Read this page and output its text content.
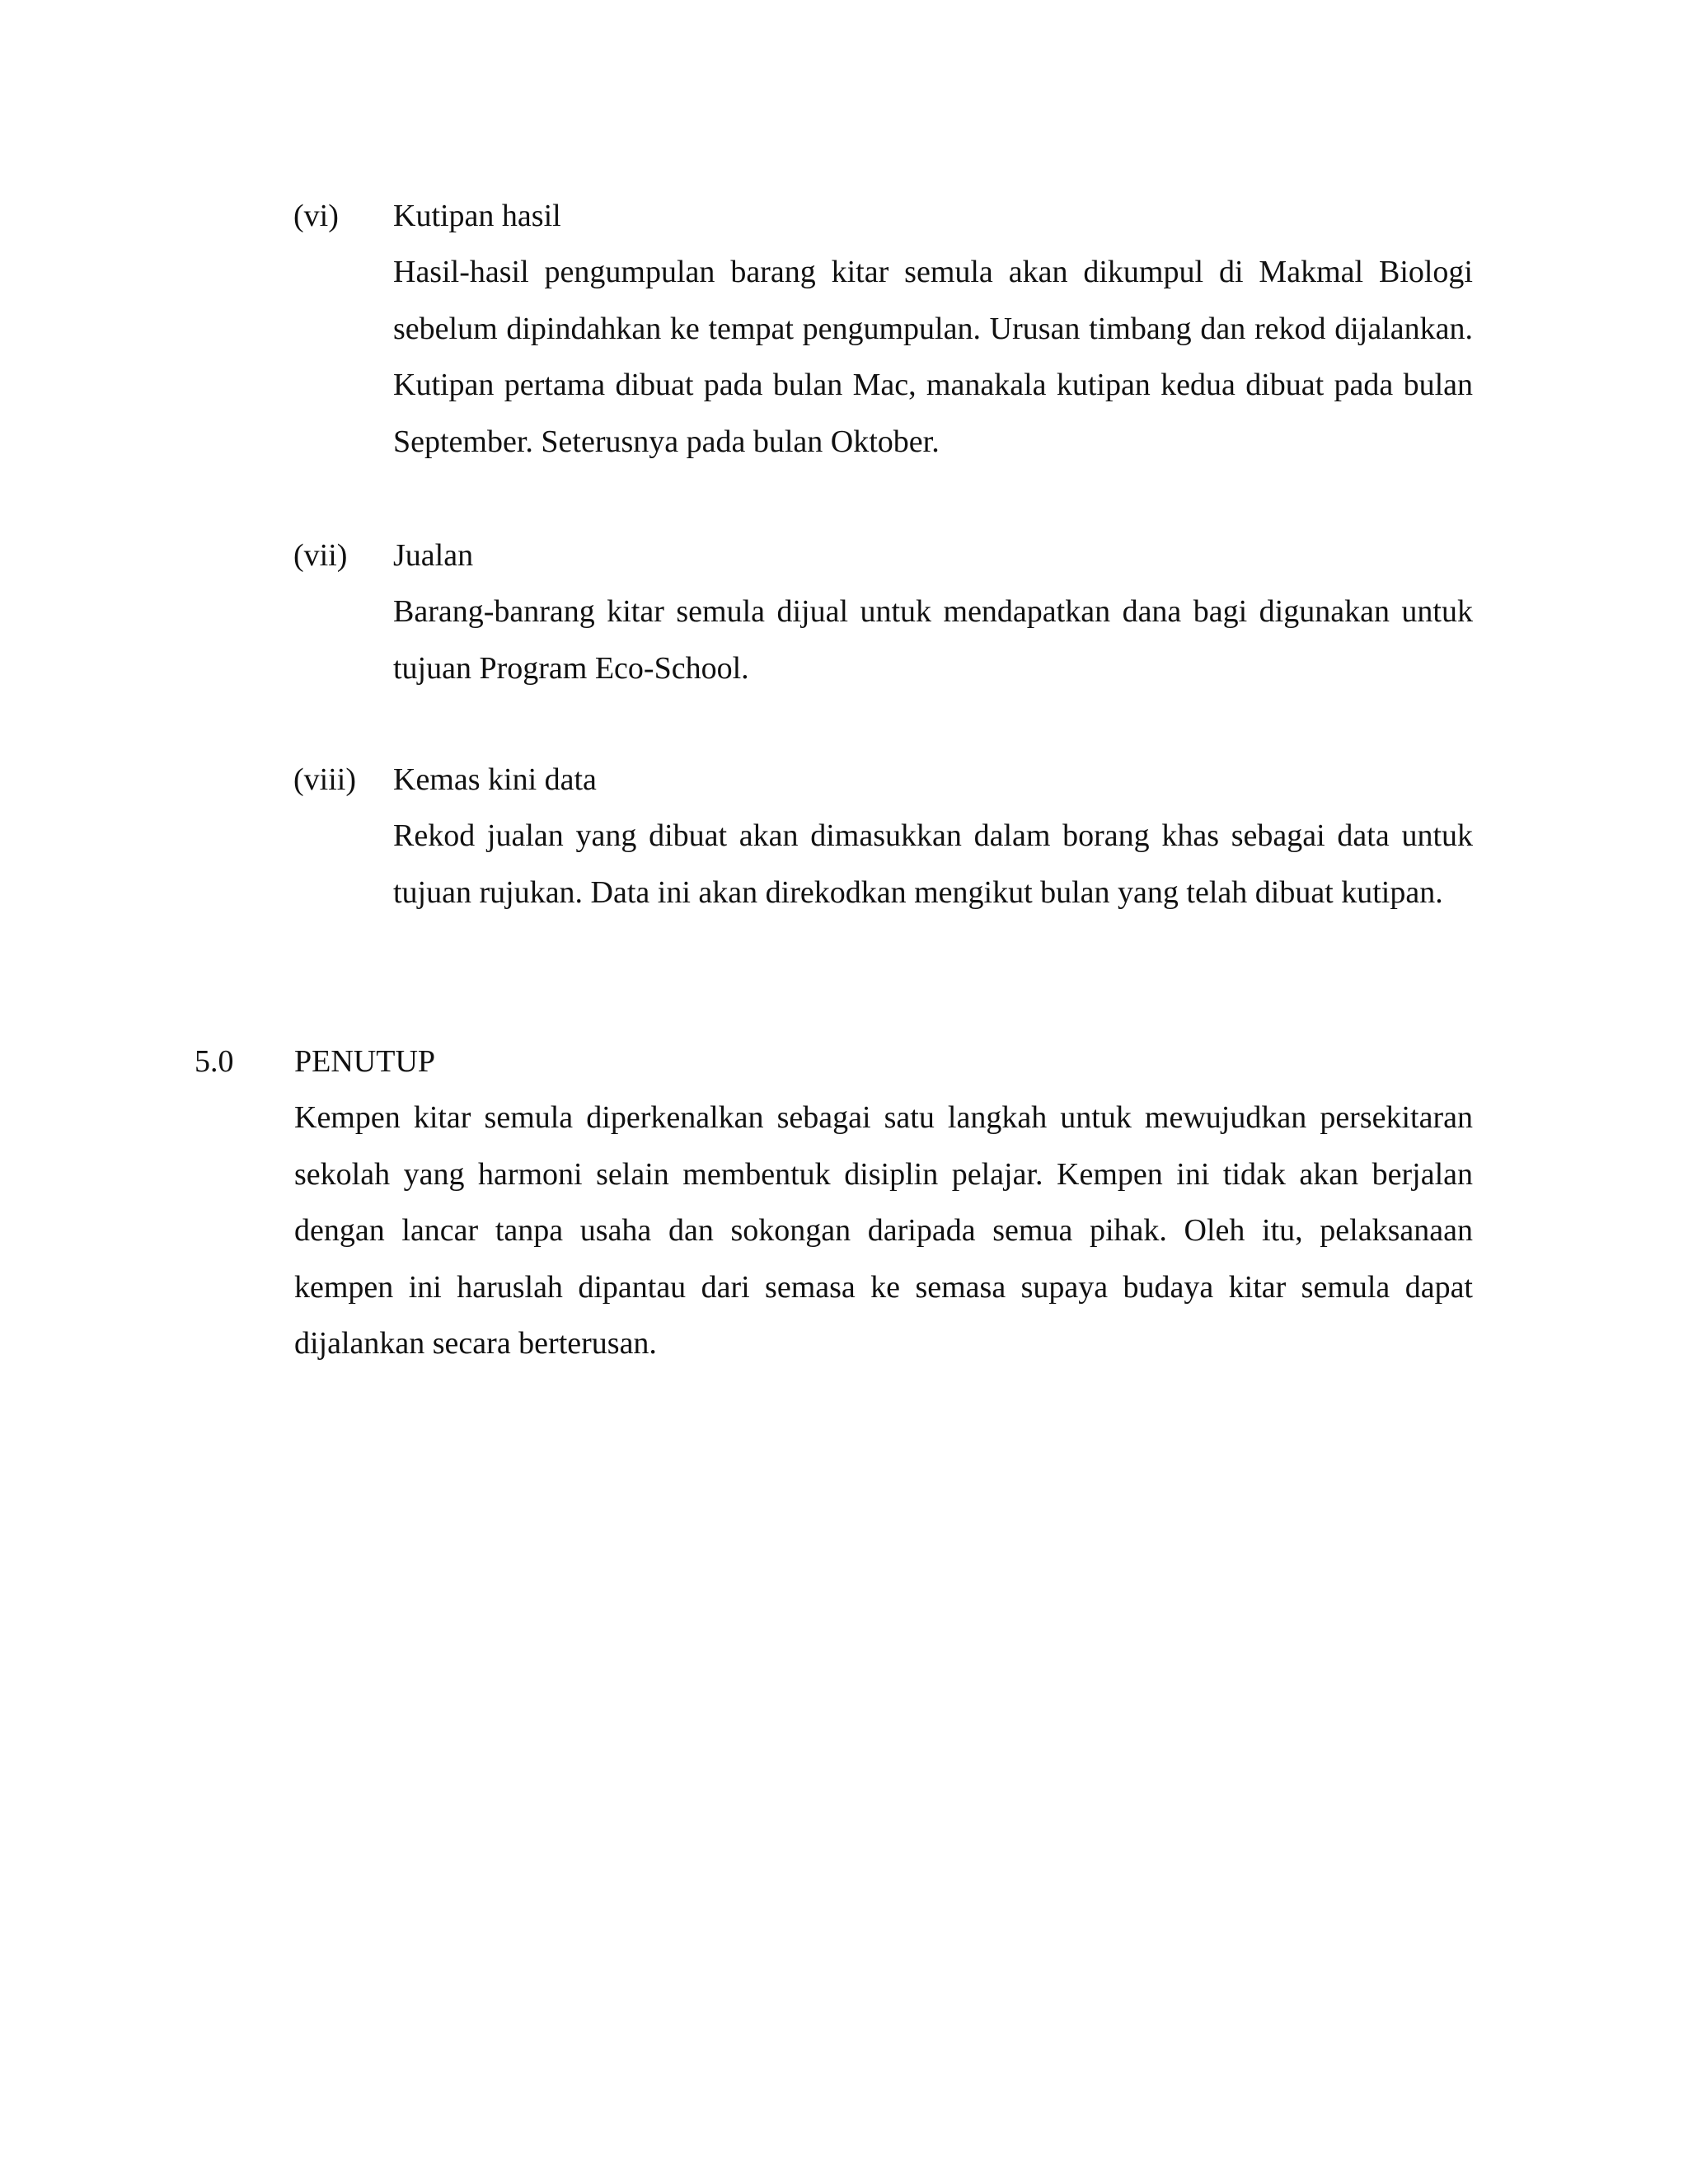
(vi) Kutipan hasil
Hasil-hasil pengumpulan barang kitar semula akan dikumpul di Makmal Biologi sebelum dipindahkan ke tempat pengumpulan. Urusan timbang dan rekod dijalankan. Kutipan pertama dibuat pada bulan Mac, manakala kutipan kedua dibuat pada bulan September. Seterusnya pada bulan Oktober.
(vii) Jualan
Barang-banrang kitar semula dijual untuk mendapatkan dana bagi digunakan untuk tujuan Program Eco-School.
(viii) Kemas kini data
Rekod jualan yang dibuat akan dimasukkan dalam borang khas sebagai data untuk tujuan rujukan. Data ini akan direkodkan mengikut bulan yang telah dibuat kutipan.
5.0 PENUTUP
Kempen kitar semula diperkenalkan sebagai satu langkah untuk mewujudkan persekitaran sekolah yang harmoni selain membentuk disiplin pelajar. Kempen ini tidak akan berjalan dengan lancar tanpa usaha dan sokongan daripada semua pihak. Oleh itu, pelaksanaan kempen ini haruslah dipantau dari semasa ke semasa supaya budaya kitar semula dapat dijalankan secara berterusan.
